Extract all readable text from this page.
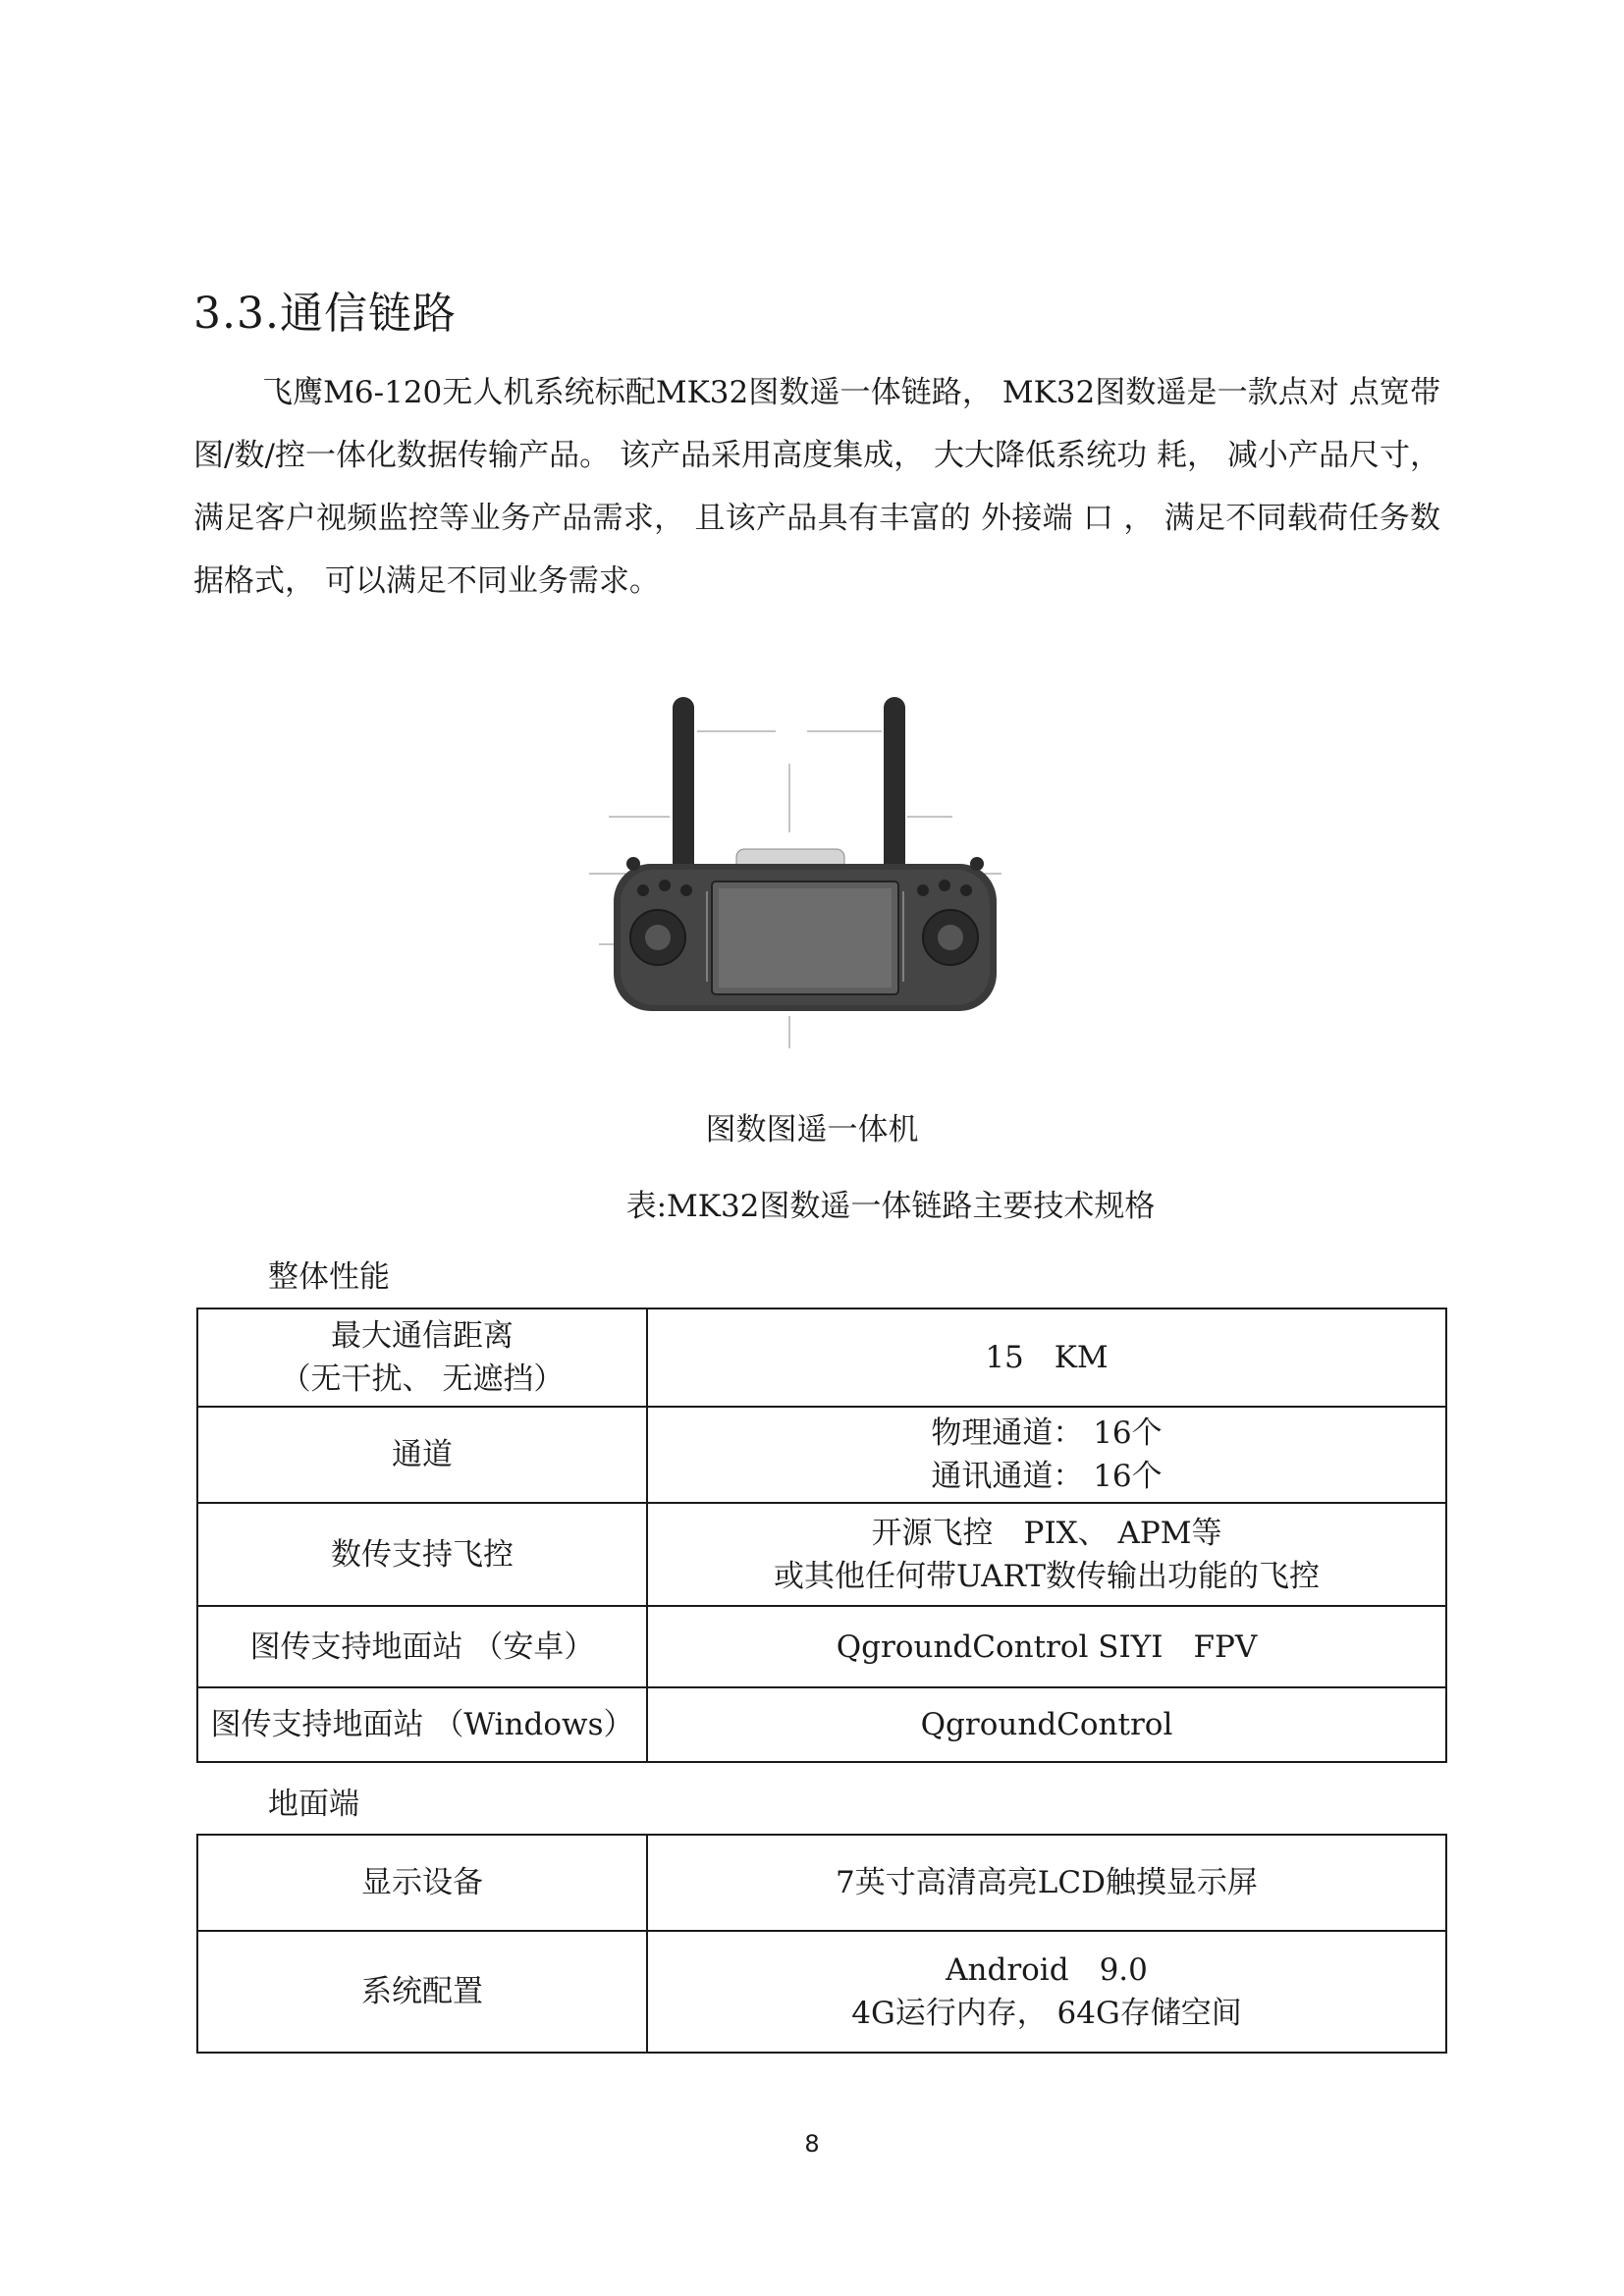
3.3.通信链路

飞鹰M6-120无人机系统标配MK32图数遥一体链路， MK32图数遥是一款点对 点宽带图/数/控一体化数据传输产品。 该产品采用高度集成， 大大降低系统功 耗， 减小产品尺寸， 满足客户视频监控等业务产品需求， 且该产品具有丰富的 外接端 口 ， 满足不同载荷任务数据格式， 可以满足不同业务需求。

图数图遥一体机

表:MK32图数遥一体链路主要技术规格

整体性能

最大通信距离
（无干扰、 无遮挡）	15　KM

通道	物理通道： 16个
通讯通道： 16个

数传支持飞控	开源飞控　PIX、 APM等
或其他任何带UART数传输出功能的飞控

图传支持地面站 （安卓）	QgroundControl SIYI　FPV

图传支持地面站 （Windows）	QgroundControl

地面端

显示设备	7英寸高清高亮LCD触摸显示屏

系统配置	Android　9.0
4G运行内存， 64G存储空间

8
